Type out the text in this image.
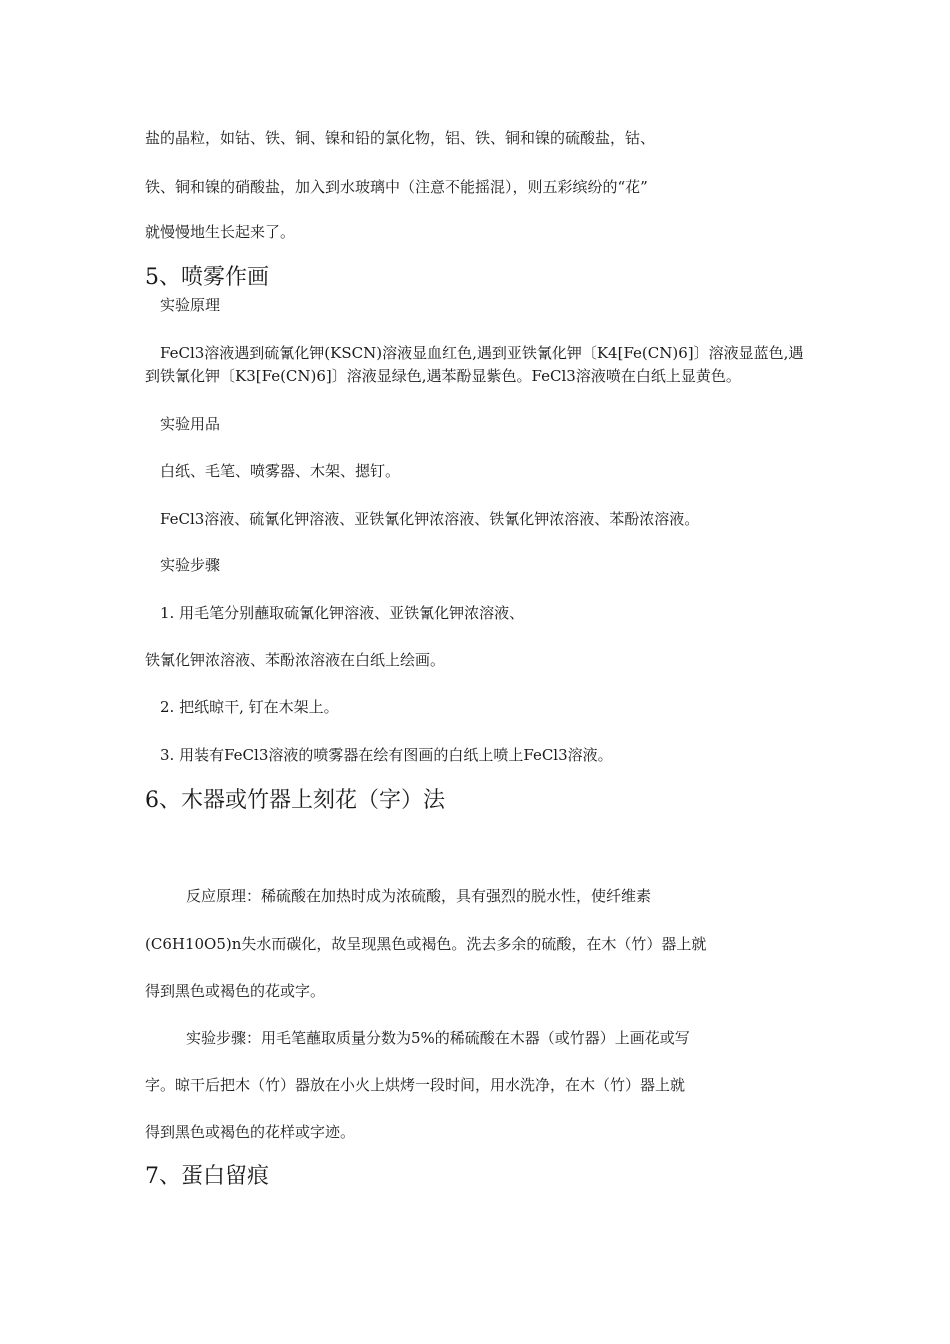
盐的晶粒，如钴、铁、铜、镍和铅的氯化物，铝、铁、铜和镍的硫酸盐，钴、
铁、铜和镍的硝酸盐，加入到水玻璃中（注意不能摇混），则五彩缤纷的“花”
就慢慢地生长起来了。
5、喷雾作画
实验原理
FeCl3溶液遇到硫氰化钾(KSCN)溶液显血红色,遇到亚铁氰化钾〔K4[Fe(CN)6]〕溶液显蓝色,遇到铁氰化钾〔K3[Fe(CN)6]〕溶液显绿色,遇苯酚显紫色。FeCl3溶液喷在白纸上显黄色。
实验用品
白纸、毛笔、喷雾器、木架、摁钉。
FeCl3溶液、硫氰化钾溶液、亚铁氰化钾浓溶液、铁氰化钾浓溶液、苯酚浓溶液。
实验步骤
1. 用毛笔分别蘸取硫氰化钾溶液、亚铁氰化钾浓溶液、
铁氰化钾浓溶液、苯酚浓溶液在白纸上绘画。
2. 把纸晾干, 钉在木架上。
3. 用装有FeCl3溶液的喷雾器在绘有图画的白纸上喷上FeCl3溶液。
6、木器或竹器上刻花（字）法
反应原理：稀硫酸在加热时成为浓硫酸，具有强烈的脱水性，使纤维素
(C6H10O5)n失水而碳化，故呈现黑色或褐色。洗去多余的硫酸，在木（竹）器上就
得到黑色或褐色的花或字。
实验步骤：用毛笔蘸取质量分数为5%的稀硫酸在木器（或竹器）上画花或写
字。晾干后把木（竹）器放在小火上烘烤一段时间，用水洗净，在木（竹）器上就
得到黑色或褐色的花样或字迹。
7、蛋白留痕
